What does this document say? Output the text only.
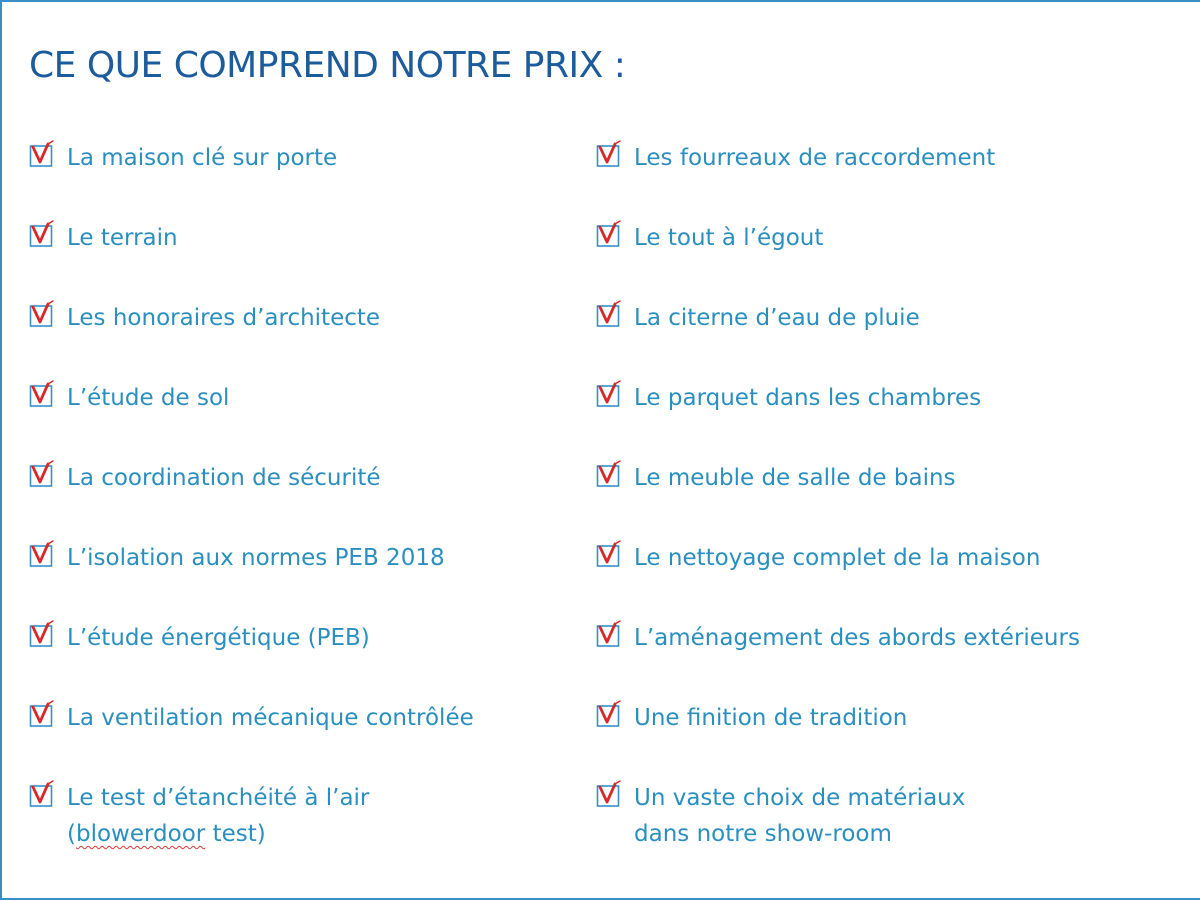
CE QUE COMPREND NOTRE PRIX :
La maison clé sur porte
Le terrain
Les honoraires d’architecte
L’étude de sol
La coordination de sécurité
L’isolation aux normes PEB 2018
L’étude énergétique (PEB)
La ventilation mécanique contrôlée
Le test d’étanchéité à l’air
(blowerdoor test)
Les fourreaux de raccordement
Le tout à l’égout
La citerne d’eau de pluie
Le parquet dans les chambres
Le meuble de salle de bains
Le nettoyage complet de la maison
L’aménagement des abords extérieurs
Une finition de tradition
Un vaste choix de matériaux
dans notre show-room
